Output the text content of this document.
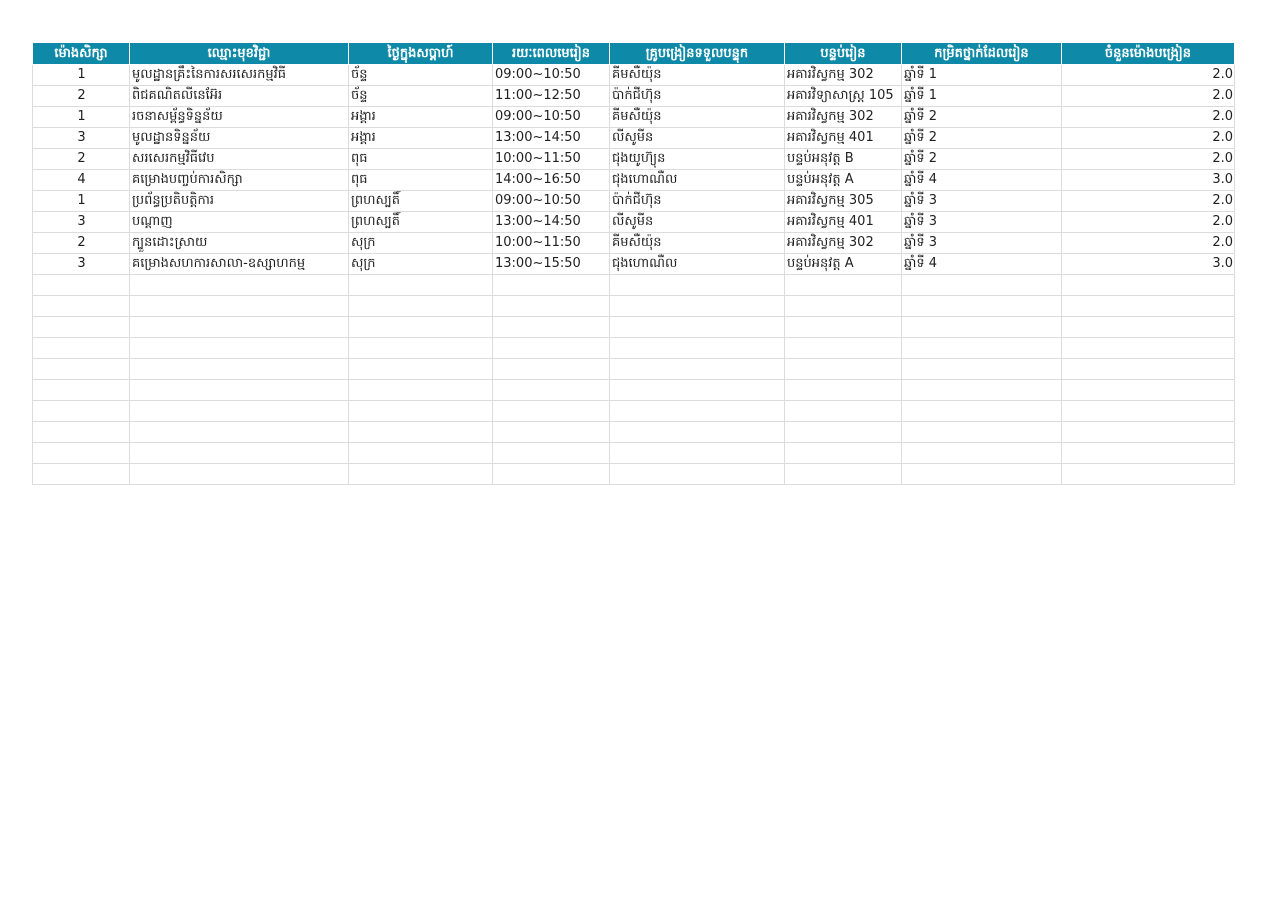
ម៉ោងសិក្សា	ឈ្មោះមុខវិជ្ជា	ថ្ងៃក្នុងសប្ដាហ៍	រយៈពេលមេរៀន	គ្រូបង្រៀនទទួលបន្ទុក	បន្ទប់រៀន	កម្រិតថ្នាក់ដែលរៀន	ចំនួនម៉ោងបង្រៀន
1	មូលដ្ឋានគ្រឹះនៃការសរសេរកម្មវិធី	ច័ន្ទ	09:00~10:50	គីមសឺយ៉ុន	អគារវិស្វកម្ម 302	ឆ្នាំទី 1	2.0
2	ពិជគណិតលីនេអ៊ែរ	ច័ន្ទ	11:00~12:50	ប៉ាក់ជីហ៊ុន	អគារវិទ្យាសាស្ត្រ 105	ឆ្នាំទី 1	2.0
1	រចនាសម្ព័ន្ធទិន្នន័យ	អង្គារ	09:00~10:50	គីមសឺយ៉ុន	អគារវិស្វកម្ម 302	ឆ្នាំទី 2	2.0
3	មូលដ្ឋានទិន្នន័យ	អង្គារ	13:00~14:50	លីសូមីន	អគារវិស្វកម្ម 401	ឆ្នាំទី 2	2.0
2	សរសេរកម្មវិធីវេប	ពុធ	10:00~11:50	ជុងយូហ៊្យុន	បន្ទប់អនុវត្ត B	ឆ្នាំទី 2	2.0
4	គម្រោងបញ្ចប់ការសិក្សា	ពុធ	14:00~16:50	ជុងហោណឺល	បន្ទប់អនុវត្ត A	ឆ្នាំទី 4	3.0
1	ប្រព័ន្ធប្រតិបត្តិការ	ព្រហស្បតិ៍	09:00~10:50	ប៉ាក់ជីហ៊ុន	អគារវិស្វកម្ម 305	ឆ្នាំទី 3	2.0
3	បណ្ដាញ	ព្រហស្បតិ៍	13:00~14:50	លីសូមីន	អគារវិស្វកម្ម 401	ឆ្នាំទី 3	2.0
2	ក្បួនដោះស្រាយ	សុក្រ	10:00~11:50	គីមសឺយ៉ុន	អគារវិស្វកម្ម 302	ឆ្នាំទី 3	2.0
3	គម្រោងសហការសាលា-ឧស្សាហកម្ម	សុក្រ	13:00~15:50	ជុងហោណឺល	បន្ទប់អនុវត្ត A	ឆ្នាំទី 4	3.0
